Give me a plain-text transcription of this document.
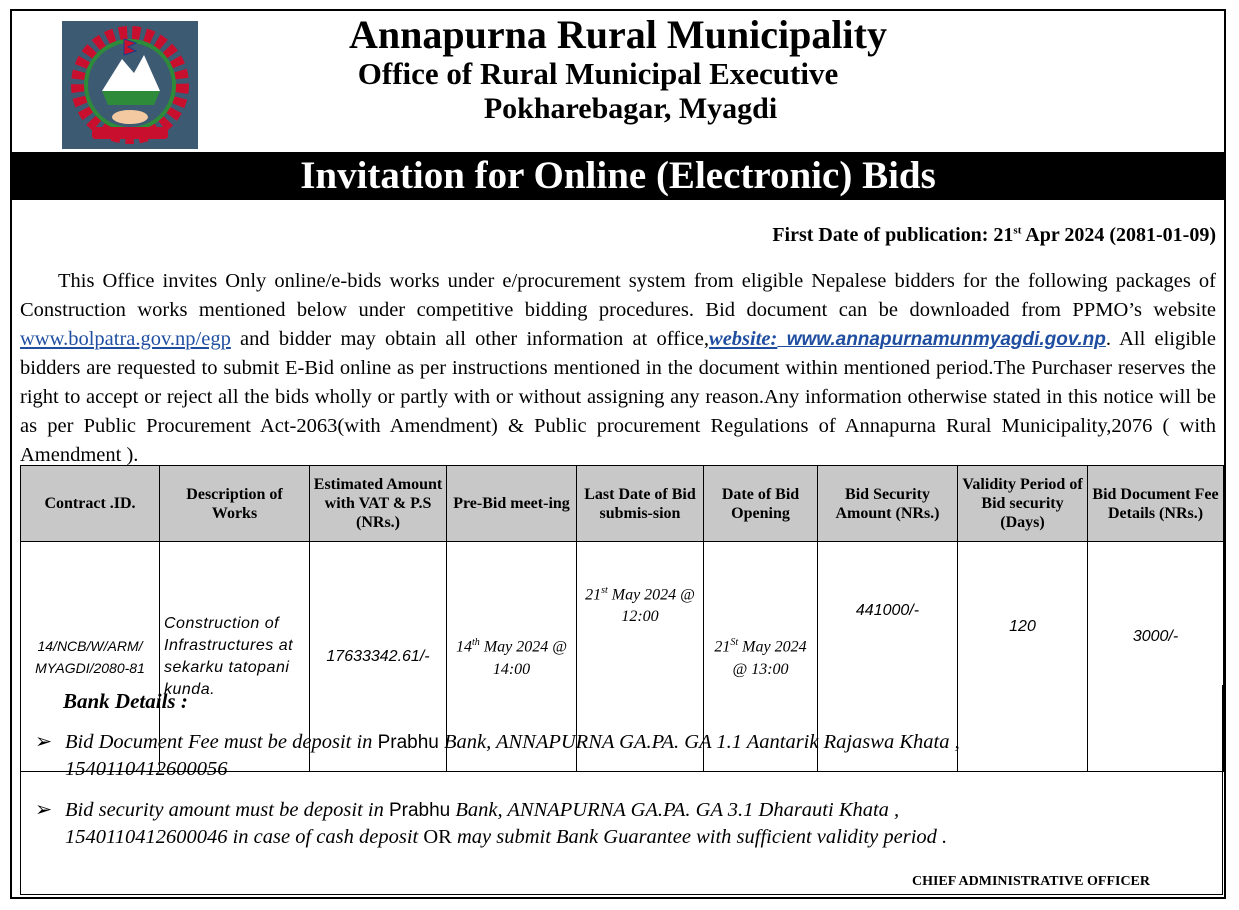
Annapurna Rural Municipality
Office of Rural Municipal Executive
Pokharebagar, Myagdi
Invitation for Online (Electronic) Bids
First Date of publication: 21st Apr 2024 (2081-01-09)
This Office invites Only online/e-bids works under e/procurement system from eligible Nepalese bidders for the following packages of Construction works mentioned below under competitive bidding procedures. Bid document can be downloaded from PPMO’s website www.bolpatra.gov.np/egp and bidder may obtain all other information at office,website: www.annapurnamunmyagdi.gov.np. All eligible bidders are requested to submit E-Bid online as per instructions mentioned in the document within mentioned period.The Purchaser reserves the right to accept or reject all the bids wholly or partly with or without assigning any reason.Any information otherwise stated in this notice will be as per Public Procurement Act-2063(with Amendment) & Public procurement Regulations of Annapurna Rural Municipality,2076 ( with Amendment ).
Contract .ID.	Description of Works	Estimated Amount with VAT & P.S (NRs.)	Pre-Bid meet-ing	Last Date of Bid submis-sion	Date of Bid Opening	Bid Security Amount (NRs.)	Validity Period of Bid security (Days)	Bid Document Fee Details (NRs.)
14/NCB/W/ARM/ MYAGDI/2080-81	Construction of Infrastructures at sekarku tatopani kunda.	17633342.61/-	14th May 2024 @ 14:00	21st May 2024 @ 12:00	21St May 2024 @ 13:00	441000/-	120	3000/-
Bank Details :
➢ Bid Document Fee must be deposit in Prabhu Bank, ANNAPURNA GA.PA. GA 1.1 Aantarik Rajaswa Khata ,
1540110412600056
➢ Bid security amount must be deposit in Prabhu Bank, ANNAPURNA GA.PA. GA 3.1 Dharauti Khata ,
1540110412600046 in case of cash deposit OR may submit Bank Guarantee with sufficient validity period .
CHIEF ADMINISTRATIVE OFFICER
